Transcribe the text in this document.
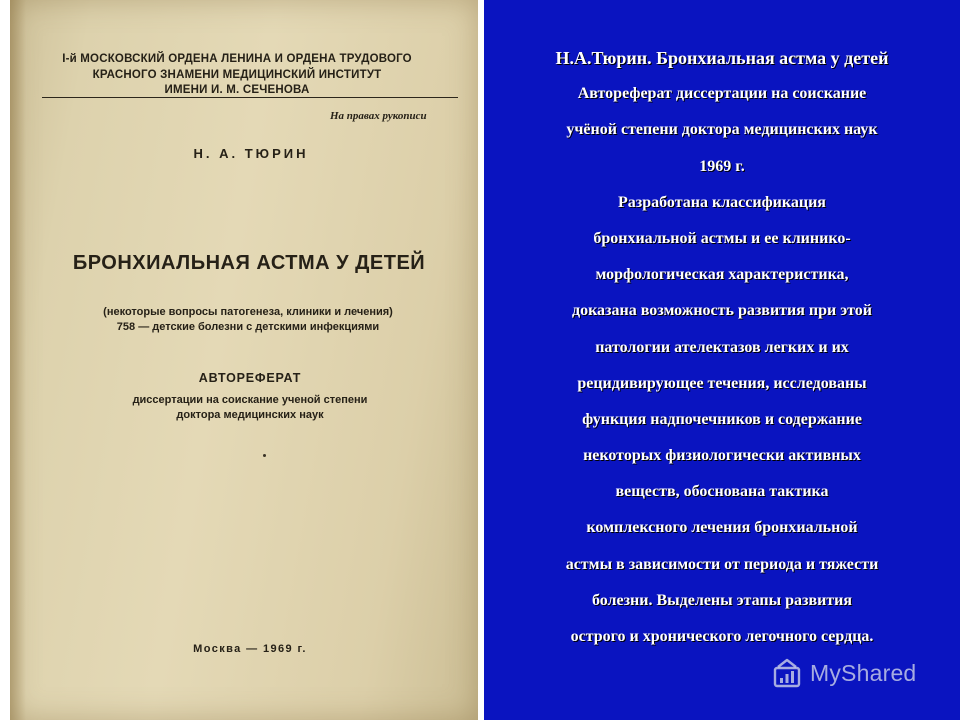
I-й МОСКОВСКИЙ ОРДЕНА ЛЕНИНА И ОРДЕНА ТРУДОВОГО
КРАСНОГО ЗНАМЕНИ МЕДИЦИНСКИЙ ИНСТИТУТ
ИМЕНИ И. М. СЕЧЕНОВА
На правах рукописи
Н. А. ТЮРИН
БРОНХИАЛЬНАЯ АСТМА У ДЕТЕЙ
(некоторые вопросы патогенеза, клиники и лечения)
758 — детские болезни с детскими инфекциями
АВТОРЕФЕРАТ
диссертации на соискание ученой степени
доктора медицинских наук
Москва — 1969 г.
Н.А.Тюрин. Бронхиальная астма у детей
Автореферат диссертации на соискание
учёной степени доктора медицинских наук
1969 г.
Разработана классификация
бронхиальной астмы и ее клинико-
морфологическая характеристика,
доказана возможность развития при этой
патологии ателектазов легких и их
рецидивирующее течения, исследованы
функция надпочечников и содержание
некоторых физиологически активных
веществ, обоснована тактика
комплексного лечения бронхиальной
астмы в зависимости от периода и тяжести
болезни. Выделены этапы развития
острого и хронического легочного сердца.
MyShared
